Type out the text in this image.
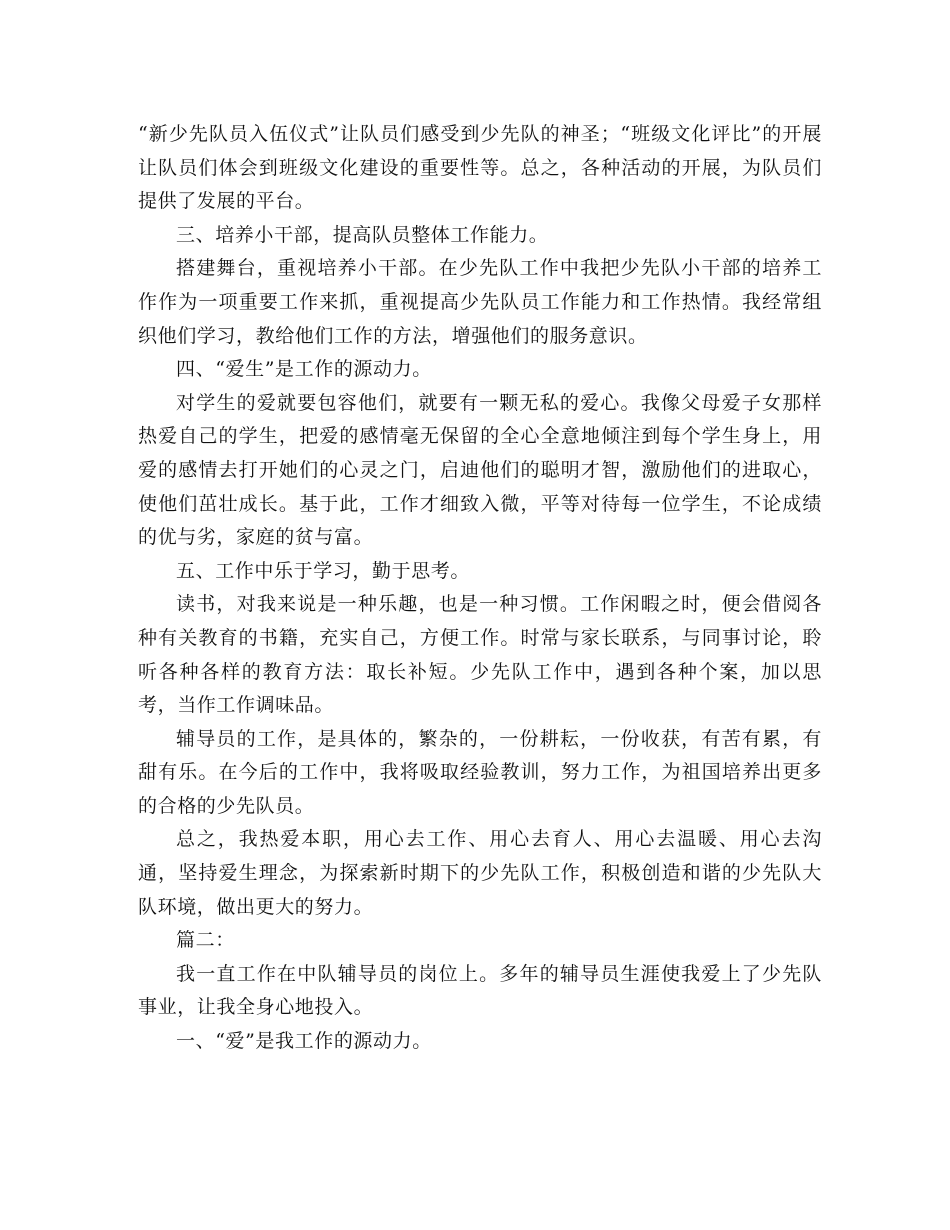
“新少先队员入伍仪式”让队员们感受到少先队的神圣；“班级文化评比”的开展让队员们体会到班级文化建设的重要性等。总之，各种活动的开展，为队员们提供了发展的平台。

三、培养小干部，提高队员整体工作能力。

搭建舞台，重视培养小干部。在少先队工作中我把少先队小干部的培养工作作为一项重要工作来抓，重视提高少先队员工作能力和工作热情。我经常组织他们学习，教给他们工作的方法，增强他们的服务意识。

四、“爱生”是工作的源动力。

对学生的爱就要包容他们，就要有一颗无私的爱心。我像父母爱子女那样热爱自己的学生，把爱的感情毫无保留的全心全意地倾注到每个学生身上，用爱的感情去打开她们的心灵之门，启迪他们的聪明才智，激励他们的进取心，使他们茁壮成长。基于此，工作才细致入微，平等对待每一位学生，不论成绩的优与劣，家庭的贫与富。

五、工作中乐于学习，勤于思考。

读书，对我来说是一种乐趣，也是一种习惯。工作闲暇之时，便会借阅各种有关教育的书籍，充实自己，方便工作。时常与家长联系，与同事讨论，聆听各种各样的教育方法：取长补短。少先队工作中，遇到各种个案，加以思考，当作工作调味品。

辅导员的工作，是具体的，繁杂的，一份耕耘，一份收获，有苦有累，有甜有乐。在今后的工作中，我将吸取经验教训，努力工作，为祖国培养出更多的合格的少先队员。

总之，我热爱本职，用心去工作、用心去育人、用心去温暖、用心去沟通，坚持爱生理念，为探索新时期下的少先队工作，积极创造和谐的少先队大队环境，做出更大的努力。

篇二：

我一直工作在中队辅导员的岗位上。多年的辅导员生涯使我爱上了少先队事业，让我全身心地投入。

一、“爱”是我工作的源动力。
